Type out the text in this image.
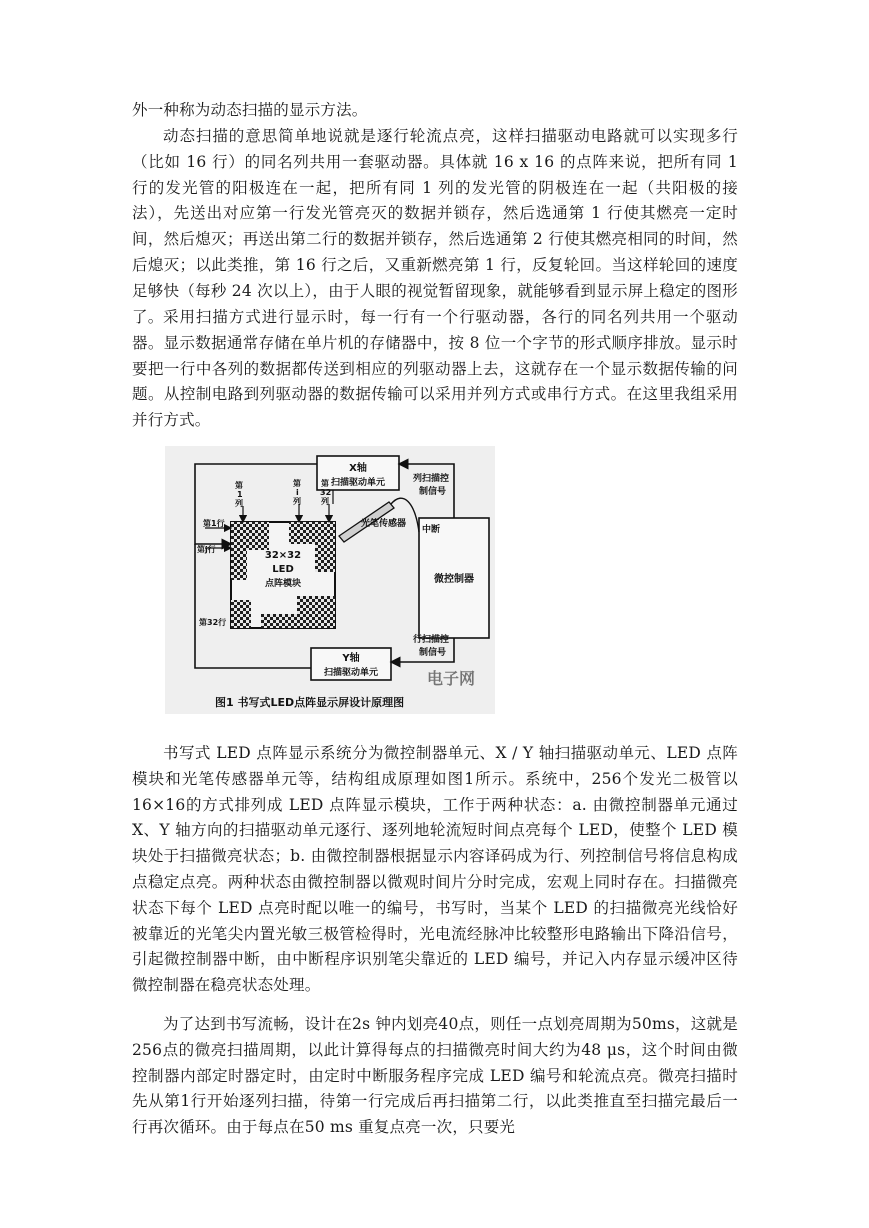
外一种称为动态扫描的显示方法。

动态扫描的意思简单地说就是逐行轮流点亮，这样扫描驱动电路就可以实现多行（比如 16 行）的同名列共用一套驱动器。具体就 16 x 16 的点阵来说，把所有同 1 行的发光管的阳极连在一起，把所有同 1 列的发光管的阴极连在一起（共阳极的接法），先送出对应第一行发光管亮灭的数据并锁存，然后选通第 1 行使其燃亮一定时间，然后熄灭；再送出第二行的数据并锁存，然后选通第 2 行使其燃亮相同的时间，然后熄灭；以此类推，第 16 行之后，又重新燃亮第 1 行，反复轮回。当这样轮回的速度足够快（每秒 24 次以上），由于人眼的视觉暂留现象，就能够看到显示屏上稳定的图形了。 采用扫描方式进行显示时，每一行有一个行驱动器，各行的同名列共用一个驱动器。显示数据通常存储在单片机的存储器中，按 8 位一个字节的形式顺序排放。显示时要把一行中各列的数据都传送到相应的列驱动器上去，这就存在一个显示数据传输的问题。从控制电路到列驱动器的数据传输可以采用并列方式或串行方式。在这里我组采用并行方式。

X轴
扫描驱动单元
Y轴
扫描驱动单元
列扫描控
制信号
行扫描控
制信号
中断
微控制器
光笔传感器
32×32
LED
点阵模块
第
1
列
第
i
列
第
32
列
第1行
第j行
第32行
电子网
图1 书写式LED点阵显示屏设计原理图

书写式 LED 点阵显示系统分为微控制器单元、X / Y 轴扫描驱动单元、LED 点阵模块和光笔传感器单元等，结构组成原理如图1所示。系统中，256个发光二极管以16×16的方式排列成 LED 点阵显示模块，工作于两种状态：a. 由微控制器单元通过 X、Y 轴方向的扫描驱动单元逐行、逐列地轮流短时间点亮每个 LED，使整个 LED 模块处于扫描微亮状态；b. 由微控制器根据显示内容译码成为行、列控制信号将信息构成点稳定点亮。两种状态由微控制器以微观时间片分时完成，宏观上同时存在。扫描微亮状态下每个 LED 点亮时配以唯一的编号，书写时，当某个 LED 的扫描微亮光线恰好被靠近的光笔尖内置光敏三极管检得时，光电流经脉冲比较整形电路输出下降沿信号，引起微控制器中断，由中断程序识别笔尖靠近的 LED 编号，并记入内存显示缓冲区待微控制器在稳亮状态处理。

为了达到书写流畅，设计在2s 钟内划亮40点，则任一点划亮周期为50ms，这就是256点的微亮扫描周期，以此计算得每点的扫描微亮时间大约为48 μs，这个时间由微控制器内部定时器定时，由定时中断服务程序完成 LED 编号和轮流点亮。微亮扫描时先从第1行开始逐列扫描，待第一行完成后再扫描第二行，以此类推直至扫描完最后一行再次循环。由于每点在50 ms 重复点亮一次，只要光
